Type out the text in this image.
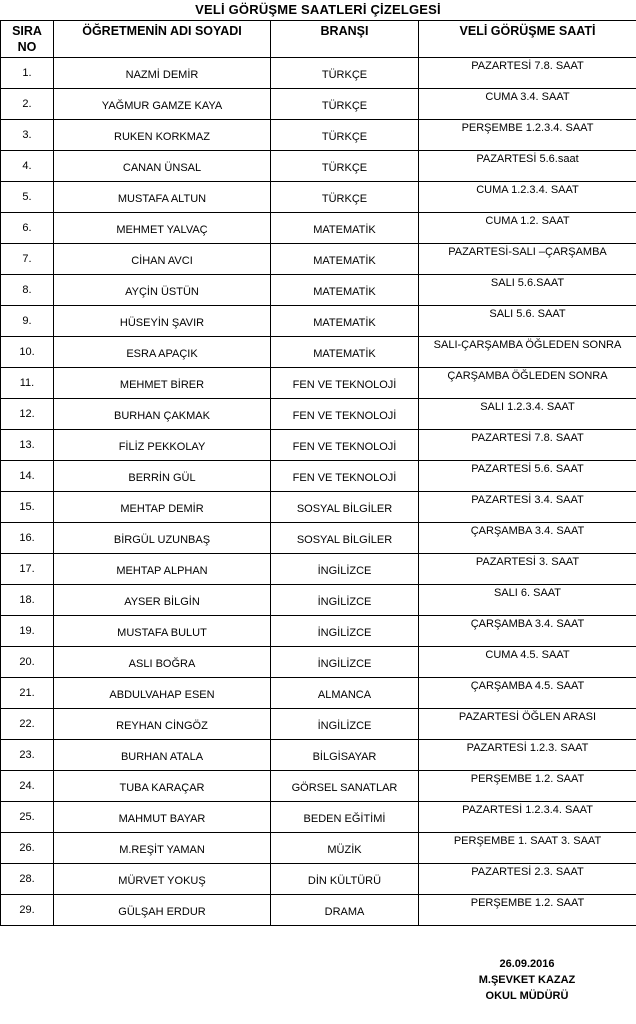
VELİ GÖRÜŞME SAATLERİ ÇİZELGESİ
SIRA NO	ÖĞRETMENİN ADI SOYADI	BRANŞI	VELİ GÖRÜŞME SAATİ
1.	NAZMİ DEMİR	TÜRKÇE	PAZARTESİ 7.8. SAAT
2.	YAĞMUR GAMZE KAYA	TÜRKÇE	CUMA 3.4. SAAT
3.	RUKEN KORKMAZ	TÜRKÇE	PERŞEMBE 1.2.3.4. SAAT
4.	CANAN ÜNSAL	TÜRKÇE	PAZARTESİ 5.6.saat
5.	MUSTAFA ALTUN	TÜRKÇE	CUMA 1.2.3.4. SAAT
6.	MEHMET YALVAÇ	MATEMATİK	CUMA 1.2. SAAT
7.	CİHAN AVCI	MATEMATİK	PAZARTESİ-SALI –ÇARŞAMBA
8.	AYÇİN ÜSTÜN	MATEMATİK	SALI 5.6.SAAT
9.	HÜSEYİN ŞAVIR	MATEMATİK	SALI 5.6. SAAT
10.	ESRA APAÇIK	MATEMATİK	SALI-ÇARŞAMBA ÖĞLEDEN SONRA
11.	MEHMET BİRER	FEN VE TEKNOLOJİ	ÇARŞAMBA ÖĞLEDEN SONRA
12.	BURHAN ÇAKMAK	FEN VE TEKNOLOJİ	SALI 1.2.3.4. SAAT
13.	FİLİZ PEKKOLAY	FEN VE TEKNOLOJİ	PAZARTESİ 7.8. SAAT
14.	BERRİN GÜL	FEN VE TEKNOLOJİ	PAZARTESİ 5.6. SAAT
15.	MEHTAP DEMİR	SOSYAL BİLGİLER	PAZARTESİ 3.4. SAAT
16.	BİRGÜL UZUNBAŞ	SOSYAL BİLGİLER	ÇARŞAMBA 3.4. SAAT
17.	MEHTAP ALPHAN	İNGİLİZCE	PAZARTESİ 3. SAAT
18.	AYSER BİLGİN	İNGİLİZCE	SALI 6. SAAT
19.	MUSTAFA BULUT	İNGİLİZCE	ÇARŞAMBA 3.4. SAAT
20.	ASLI BOĞRA	İNGİLİZCE	CUMA 4.5. SAAT
21.	ABDULVAHAP ESEN	ALMANCA	ÇARŞAMBA 4.5. SAAT
22.	REYHAN CİNGÖZ	İNGİLİZCE	PAZARTESİ ÖĞLEN ARASI
23.	BURHAN ATALA	BİLGİSAYAR	PAZARTESİ 1.2.3. SAAT
24.	TUBA KARAÇAR	GÖRSEL SANATLAR	PERŞEMBE 1.2. SAAT
25.	MAHMUT BAYAR	BEDEN EĞİTİMİ	PAZARTESİ 1.2.3.4. SAAT
26.	M.REŞİT YAMAN	MÜZİK	PERŞEMBE 1. SAAT 3. SAAT
28.	MÜRVET YOKUŞ	DİN KÜLTÜRÜ	PAZARTESİ 2.3. SAAT
29.	GÜLŞAH ERDUR	DRAMA	PERŞEMBE 1.2. SAAT
26.09.2016
M.ŞEVKET KAZAZ
OKUL MÜDÜRÜ
